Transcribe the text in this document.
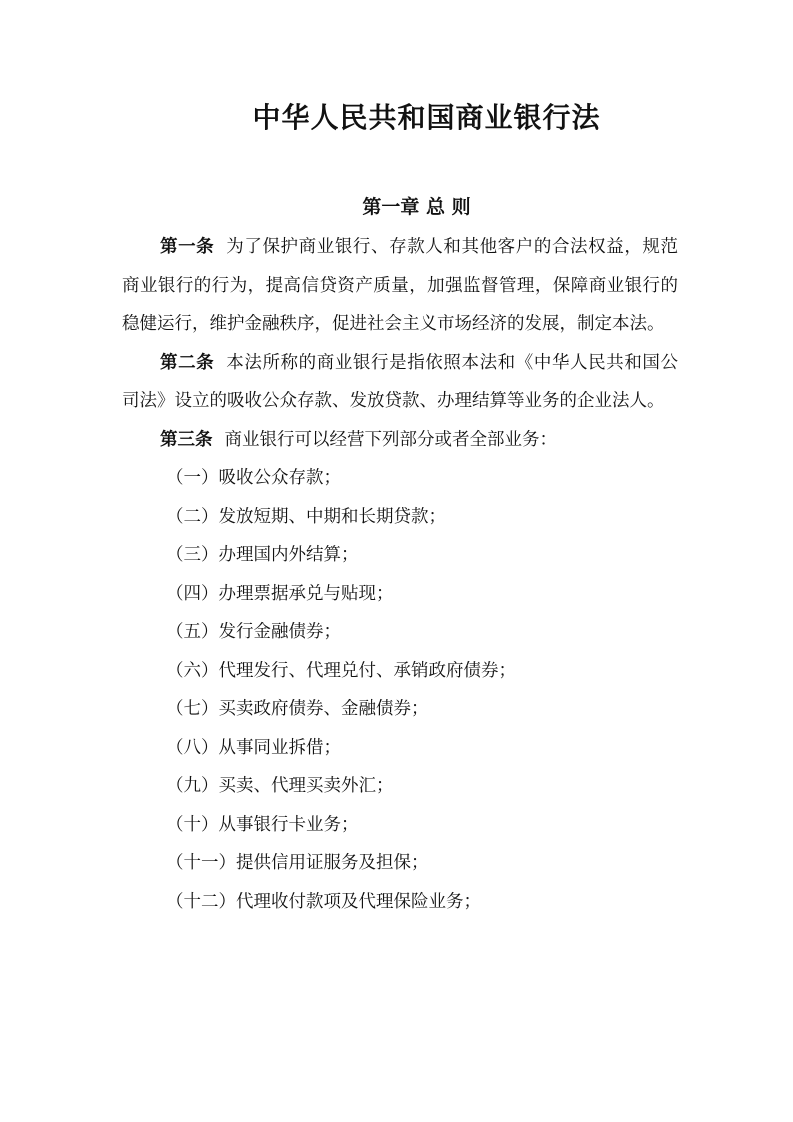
中华人民共和国商业银行法
第一章 总 则

第一条 为了保护商业银行、存款人和其他客户的合法权益，规范商业银行的行为，提高信贷资产质量，加强监督管理，保障商业银行的稳健运行，维护金融秩序，促进社会主义市场经济的发展，制定本法。

第二条 本法所称的商业银行是指依照本法和《中华人民共和国公司法》设立的吸收公众存款、发放贷款、办理结算等业务的企业法人。

第三条 商业银行可以经营下列部分或者全部业务：

（一）吸收公众存款；
（二）发放短期、中期和长期贷款；
（三）办理国内外结算；
（四）办理票据承兑与贴现；
（五）发行金融债券；
（六）代理发行、代理兑付、承销政府债券；
（七）买卖政府债券、金融债券；
（八）从事同业拆借；
（九）买卖、代理买卖外汇；
（十）从事银行卡业务；
（十一）提供信用证服务及担保；
（十二）代理收付款项及代理保险业务；
